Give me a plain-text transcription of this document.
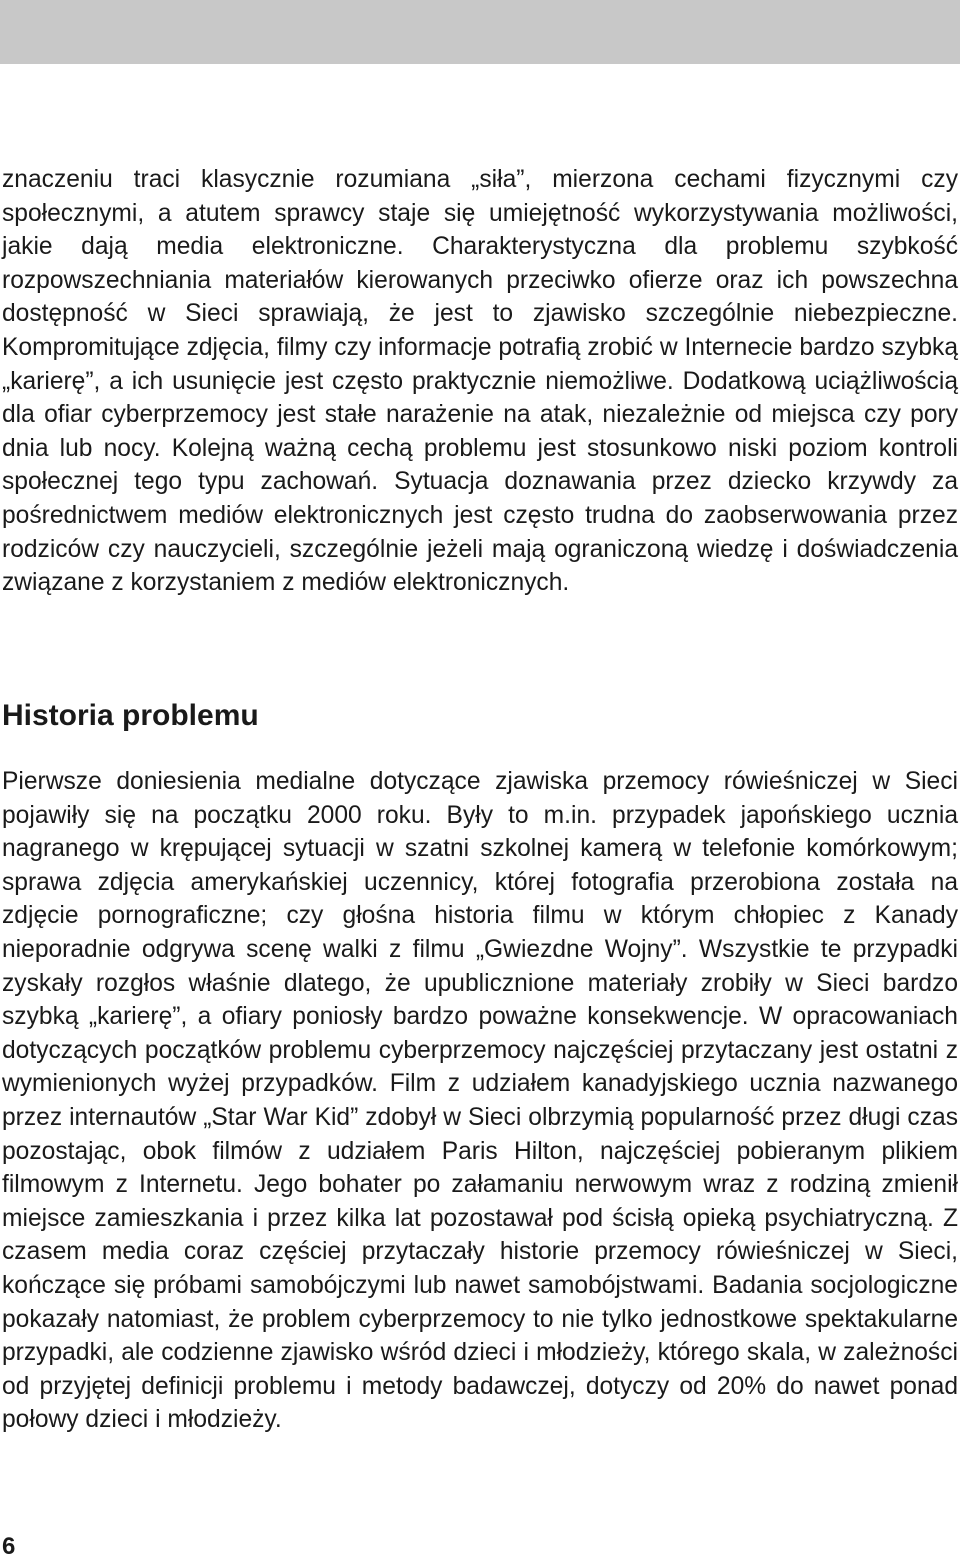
znaczeniu traci klasycznie rozumiana „siła”, mierzona cechami fizycznymi czy społecznymi, a atutem sprawcy staje się umiejętność wykorzystywania możliwości, jakie dają media elektroniczne. Charakterystyczna dla problemu szybkość rozpowszechniania materiałów kierowanych przeciwko ofierze oraz ich powszechna dostępność w Sieci sprawiają, że jest to zjawisko szczególnie niebezpieczne. Kompromitujące zdjęcia, filmy czy informacje potrafią zrobić w Internecie bardzo szybką „karierę”, a ich usunięcie jest często praktycznie niemożliwe. Dodatkową uciążliwością dla ofiar cyberprzemocy jest stałe narażenie na atak, niezależnie od miejsca czy pory dnia lub nocy. Kolejną ważną cechą problemu jest stosunkowo niski poziom kontroli społecznej tego typu zachowań. Sytuacja doznawania przez dziecko krzywdy za pośrednictwem mediów elektronicznych jest często trudna do zaobserwowania przez rodziców czy nauczycieli, szczególnie jeżeli mają ograniczoną wiedzę i doświadczenia związane z korzystaniem z mediów elektronicznych.

Historia problemu

Pierwsze doniesienia medialne dotyczące zjawiska przemocy rówieśniczej w Sieci pojawiły się na początku 2000 roku. Były to m.in. przypadek japońskiego ucznia nagranego w krępującej sytuacji w szatni szkolnej kamerą w telefonie komórkowym; sprawa zdjęcia amerykańskiej uczennicy, której fotografia przerobiona została na zdjęcie pornograficzne; czy głośna historia filmu w którym chłopiec z Kanady nieporadnie odgrywa scenę walki z filmu „Gwiezdne Wojny”. Wszystkie te przypadki zyskały rozgłos właśnie dlatego, że upublicznione materiały zrobiły w Sieci bardzo szybką „karierę”, a ofiary poniosły bardzo poważne konsekwencje. W opracowaniach dotyczących początków problemu cyberprzemocy najczęściej przytaczany jest ostatni z wymienionych wyżej przypadków. Film z udziałem kanadyjskiego ucznia nazwanego przez internautów „Star War Kid” zdobył w Sieci olbrzymią popularność przez długi czas pozostając, obok filmów z udziałem Paris Hilton, najczęściej pobieranym plikiem filmowym z Internetu. Jego bohater po załamaniu nerwowym wraz z rodziną zmienił miejsce zamieszkania i przez kilka lat pozostawał pod ścisłą opieką psychiatryczną. Z czasem media coraz częściej przytaczały historie przemocy rówieśniczej w Sieci, kończące się próbami samobójczymi lub nawet samobójstwami. Badania socjologiczne pokazały natomiast, że problem cyberprzemocy to nie tylko jednostkowe spektakularne przypadki, ale codzienne zjawisko wśród dzieci i młodzieży, którego skala, w zależności od przyjętej definicji problemu i metody badawczej, dotyczy od 20% do nawet ponad połowy dzieci i młodzieży.

6
